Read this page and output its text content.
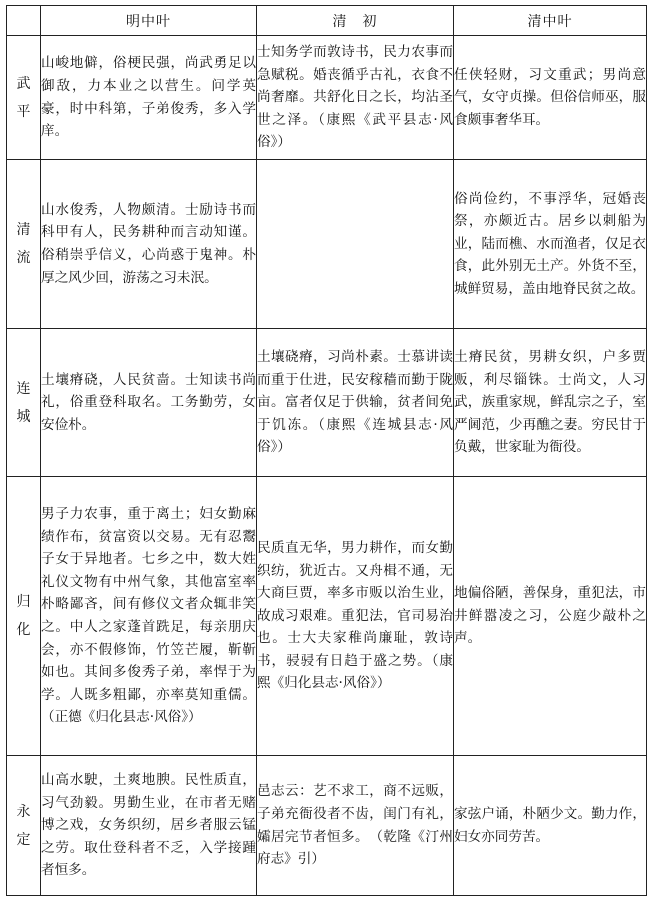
	明中叶	清　初	清中叶
武平	山峻地僻，俗梗民强，尚武勇足以御敌，力本业之以营生。问学英豪，时中科第，子弟俊秀，多入学庠。	士知务学而敦诗书，民力农事而急赋税。婚丧循乎古礼，衣食不尚奢靡。共舒化日之长，均沾圣世之泽。（康熙《武平县志·风俗》）	任侠轻财，习文重武；男尚意气，女守贞操。但俗信师巫，服食颇事奢华耳。
清流	山水俊秀，人物颇清。士励诗书而科甲有人，民务耕种而言动知谨。俗稍崇乎信义，心尚惑于鬼神。朴厚之风少回，游荡之习未泯。		俗尚俭约，不事浮华，冠婚丧祭，亦颇近古。居乡以刺船为业，陆而樵、水而渔者，仅足衣食，此外别无土产。外货不至，城鲜贸易，盖由地脊民贫之故。
连城	土壤瘠硗，人民贫啬。士知读书尚礼，俗重登科取名。工务勤劳，女安俭朴。	土壤硗瘠，习尚朴素。士慕讲读而重于仕进，民安稼穑而勤于陇亩。富者仅足于供输，贫者间免于饥冻。（康熙《连城县志·风俗》）	土瘠民贫，男耕女织，户多贾贩，利尽锱铢。士尚文，人习武，族重家规，鲜乱宗之子，室严阃范，少再醮之妻。穷民甘于负戴，世家耻为衙役。
归化	男子力农事，重于离土；妇女勤麻绩作布，贫富资以交易。无有忍鬻子女于异地者。七乡之中，数大姓礼仪文物有中州气象，其他富室率朴略鄙吝，间有修仪文者众辄非笑之。中人之家蓬首跣足，每亲朋庆会，亦不假修饰，竹笠芒履，靳靳如也。其间多俊秀子弟，率悍于为学。人既多粗鄙，亦率莫知重儒。（正德《归化县志·风俗》）	民质直无华，男力耕作，而女勤织纺，犹近古。又舟楫不通，无大商巨贾，率多市贩以治生业，故成习艰难。重犯法，官司易治也。士大夫家稚尚廉耻，敦诗书，骎骎有日趋于盛之势。（康熙《归化县志·风俗》）	地偏俗陋，善保身，重犯法，市井鲜嚣凌之习，公庭少敲朴之声。
永定	山高水駛，土爽地腴。民性质直，习气劲毅。男勤生业，在市者无赌博之戏，女务织纫，居乡者服云锰之劳。取仕登科者不乏，入学接踵者恒多。	邑志云：艺不求工，商不远贩，子弟充衙役者不齿，闺门有礼，孀居完节者恒多。　（乾隆《汀州府志》引）	家弦户诵，朴陋少文。勤力作，妇女亦同劳苦。
